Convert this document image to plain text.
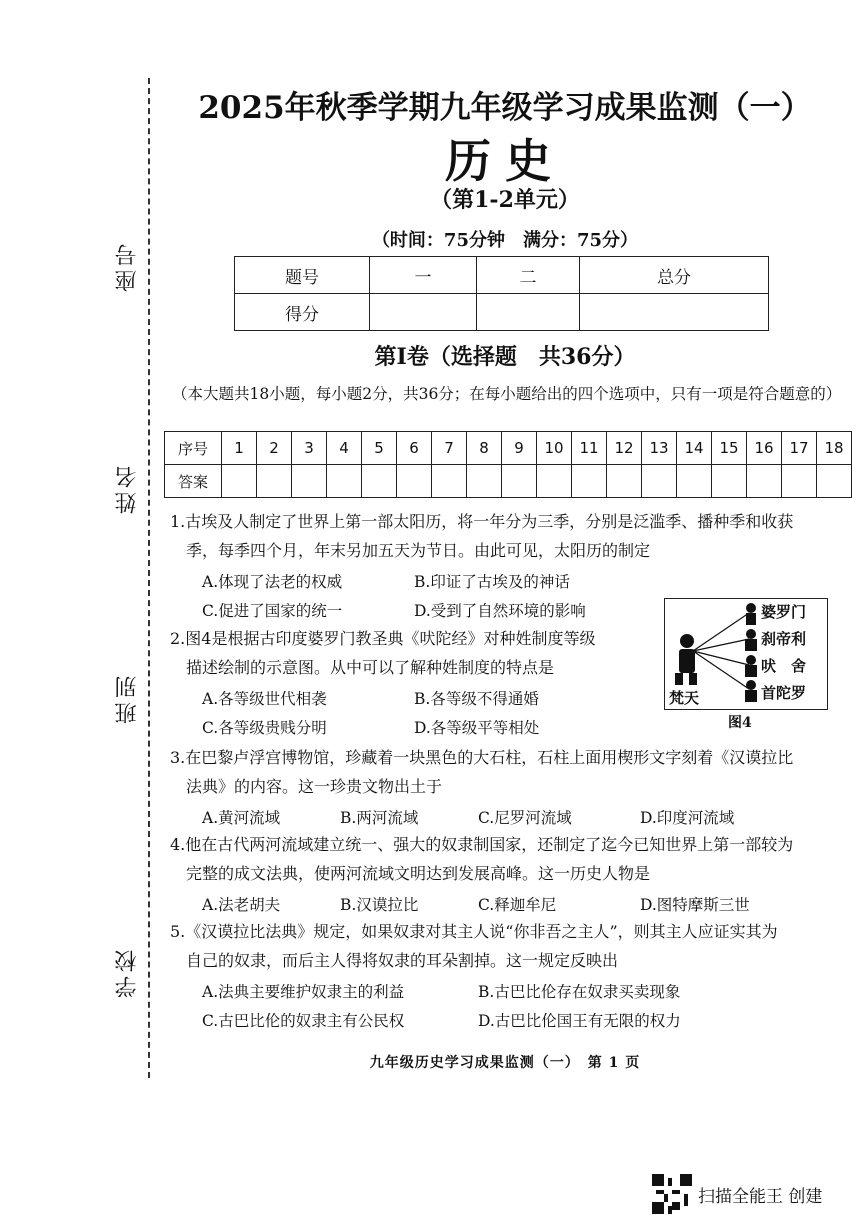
座号
姓名
班别
学校
2025年秋季学期九年级学习成果监测（一）
历史
（第1-2单元）
（时间：75分钟　满分：75分）
题号	一	二	总分
得分			
第Ⅰ卷（选择题　共36分）
（本大题共18小题，每小题2分，共36分；在每小题给出的四个选项中，只有一项是符合题意的）
序号	1	2	3	4	5	6	7	8	9	10	11	12	13	14	15	16	17	18
答案																		
1.古埃及人制定了世界上第一部太阳历，将一年分为三季，分别是泛滥季、播种季和收获
季，每季四个月，年末另加五天为节日。由此可见，太阳历的制定
A.体现了法老的权威	B.印证了古埃及的神话
C.促进了国家的统一	D.受到了自然环境的影响
2.图4是根据古印度婆罗门教圣典《吠陀经》对种姓制度等级
描述绘制的示意图。从中可以了解种姓制度的特点是
A.各等级世代相袭	B.各等级不得通婚
C.各等级贵贱分明	D.各等级平等相处
婆罗门
刹帝利
吠　舍
首陀罗
梵天
图4
3.在巴黎卢浮宫博物馆，珍藏着一块黑色的大石柱，石柱上面用楔形文字刻着《汉谟拉比
法典》的内容。这一珍贵文物出土于
A.黄河流域	B.两河流域	C.尼罗河流域	D.印度河流域
4.他在古代两河流域建立统一、强大的奴隶制国家，还制定了迄今已知世界上第一部较为
完整的成文法典，使两河流域文明达到发展高峰。这一历史人物是
A.法老胡夫	B.汉谟拉比	C.释迦牟尼	D.图特摩斯三世
5.《汉谟拉比法典》规定，如果奴隶对其主人说“你非吾之主人”，则其主人应证实其为
自己的奴隶，而后主人得将奴隶的耳朵割掉。这一规定反映出
A.法典主要维护奴隶主的利益	B.古巴比伦存在奴隶买卖现象
C.古巴比伦的奴隶主有公民权	D.古巴比伦国王有无限的权力
九年级历史学习成果监测（一）　第 1 页
扫描全能王 创建
